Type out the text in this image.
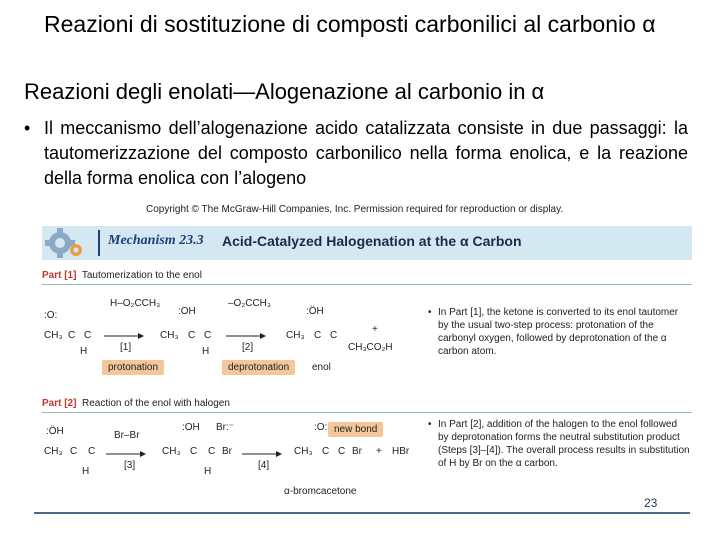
Reazioni di sostituzione di composti carbonilici al carbonio α
Reazioni degli enolati—Alogenazione al carbonio in α
• Il meccanismo dell’alogenazione acido catalizzata consiste in due passaggi: la tautomerizzazione del composto carbonilico nella forma enolica, e la reazione della forma enolica con l’alogeno
Copyright © The McGraw-Hill Companies, Inc. Permission required for reproduction or display.
Mechanism 23.3 Acid-Catalyzed Halogenation at the α Carbon
Part [1] Tautomerization to the enol
:O:
CH₃ C C
H
H–O₂CCH₃
[1]
:OH
CH₃ C C
H
–O₂CCH₃
[2]
:ÖH
CH₃ C C
+
CH₃CO₂H
protonation	deprotonation	enol
• In Part [1], the ketone is converted to its enol tautomer by the usual two-step process: protonation of the carbonyl oxygen, followed by deprotonation of the α carbon atom.
Part [2] Reaction of the enol with halogen
:ÖH
CH₃ C C
H
Br–Br
[3]
:OH Br:⁻
CH₃ C C Br
H
[4]
:O:
CH₃ C C Br + HBr
new bond
α-bromcacetone
• In Part [2], addition of the halogen to the enol followed by deprotonation forms the neutral substitution product (Steps [3]–[4]). The overall process results in substitution of H by Br on the α carbon.
23
